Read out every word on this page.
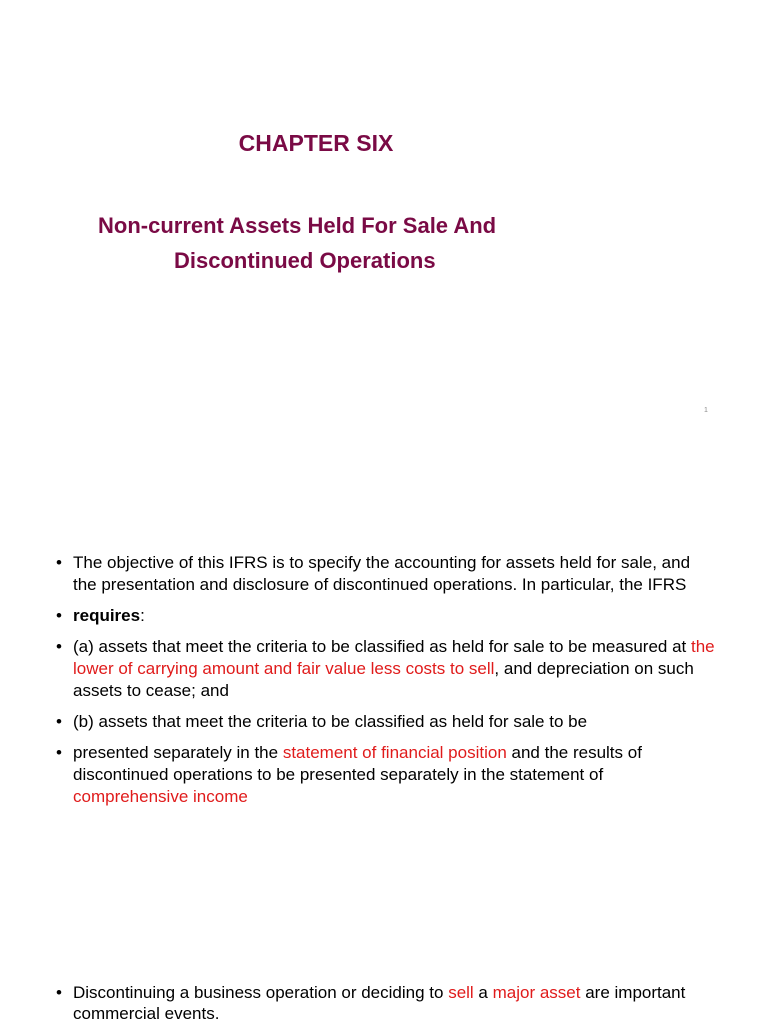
CHAPTER SIX
Non-current Assets Held For Sale And
Discontinued Operations
1
• The objective of this IFRS is to specify the accounting for assets held for sale, and the presentation and disclosure of discontinued operations. In particular, the IFRS
• requires:
• (a) assets that meet the criteria to be classified as held for sale to be measured at the lower of carrying amount and fair value less costs to sell, and depreciation on such assets to cease; and
• (b) assets that meet the criteria to be classified as held for sale to be
• presented separately in the statement of financial position and the results of discontinued operations to be presented separately in the statement of comprehensive income
• Discontinuing a business operation or deciding to sell a major asset are important commercial events.
